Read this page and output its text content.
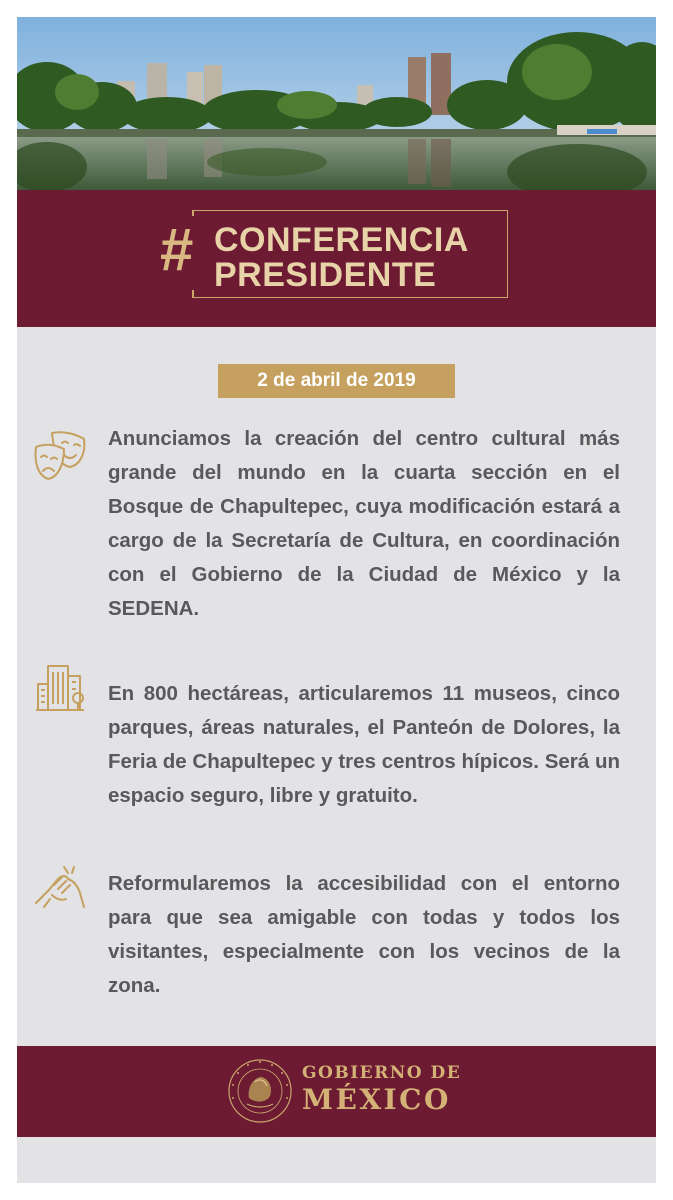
# CONFERENCIA
PRESIDENTE
2 de abril de 2019
Anunciamos la creación del centro cultural más grande del mundo en la cuarta sección en el Bosque de Chapultepec, cuya modificación estará a cargo de la Secretaría de Cultura, en coordinación con el Gobierno de la Ciudad de México y la SEDENA.
En 800 hectáreas, articularemos 11 museos, cinco parques, áreas naturales, el Panteón de Dolores, la Feria de Chapultepec y tres centros hípicos. Será un espacio seguro, libre y gratuito.
Reformularemos la accesibilidad con el entorno para que sea amigable con todas y todos los visitantes, especialmente con los vecinos de la zona.
GOBIERNO DE
MÉXICO
